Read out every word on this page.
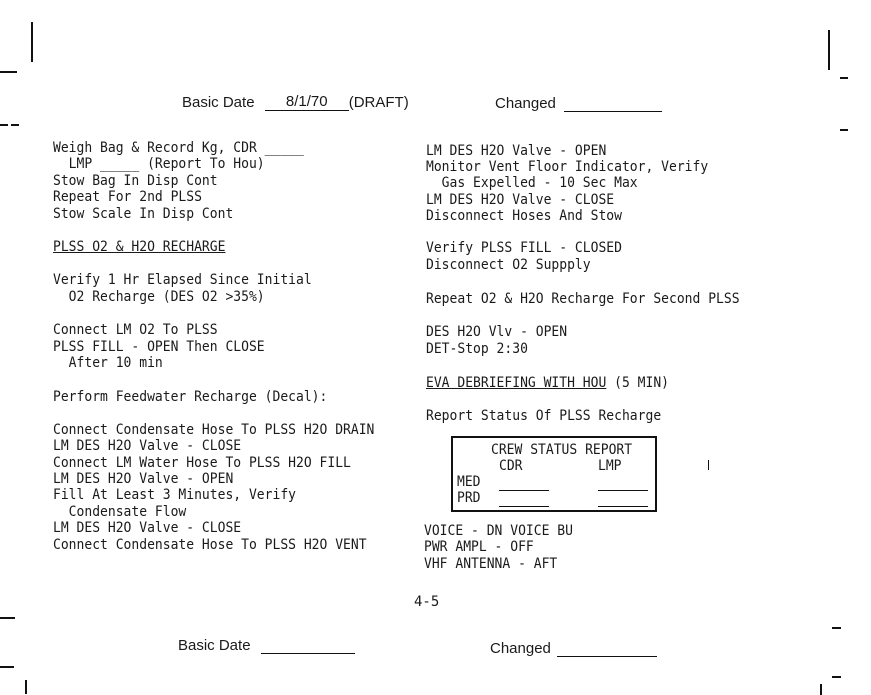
Basic Date 8/1/70 (DRAFT)	Changed
Weigh Bag & Record Kg, CDR _____
LMP _____ (Report To Hou)
Stow Bag In Disp Cont
Repeat For 2nd PLSS
Stow Scale In Disp Cont
PLSS O2 & H2O RECHARGE
Verify 1 Hr Elapsed Since Initial
O2 Recharge (DES O2 >35%)
Connect LM O2 To PLSS
PLSS FILL - OPEN Then CLOSE
After 10 min
Perform Feedwater Recharge (Decal):
Connect Condensate Hose To PLSS H2O DRAIN
LM DES H2O Valve - CLOSE
Connect LM Water Hose To PLSS H2O FILL
LM DES H2O Valve - OPEN
Fill At Least 3 Minutes, Verify
Condensate Flow
LM DES H2O Valve - CLOSE
Connect Condensate Hose To PLSS H2O VENT
LM DES H2O Valve - OPEN
Monitor Vent Floor Indicator, Verify
Gas Expelled - 10 Sec Max
LM DES H2O Valve - CLOSE
Disconnect Hoses And Stow
Verify PLSS FILL - CLOSED
Disconnect O2 Suppply
Repeat O2 & H2O Recharge For Second PLSS
DES H2O Vlv - OPEN
DET-Stop 2:30
EVA DEBRIEFING WITH HOU (5 MIN)
Report Status Of PLSS Recharge
CREW STATUS REPORT
CDR	LMP
MED
PRD
VOICE - DN VOICE BU
PWR AMPL - OFF
VHF ANTENNA - AFT
4-5
Basic Date	Changed
